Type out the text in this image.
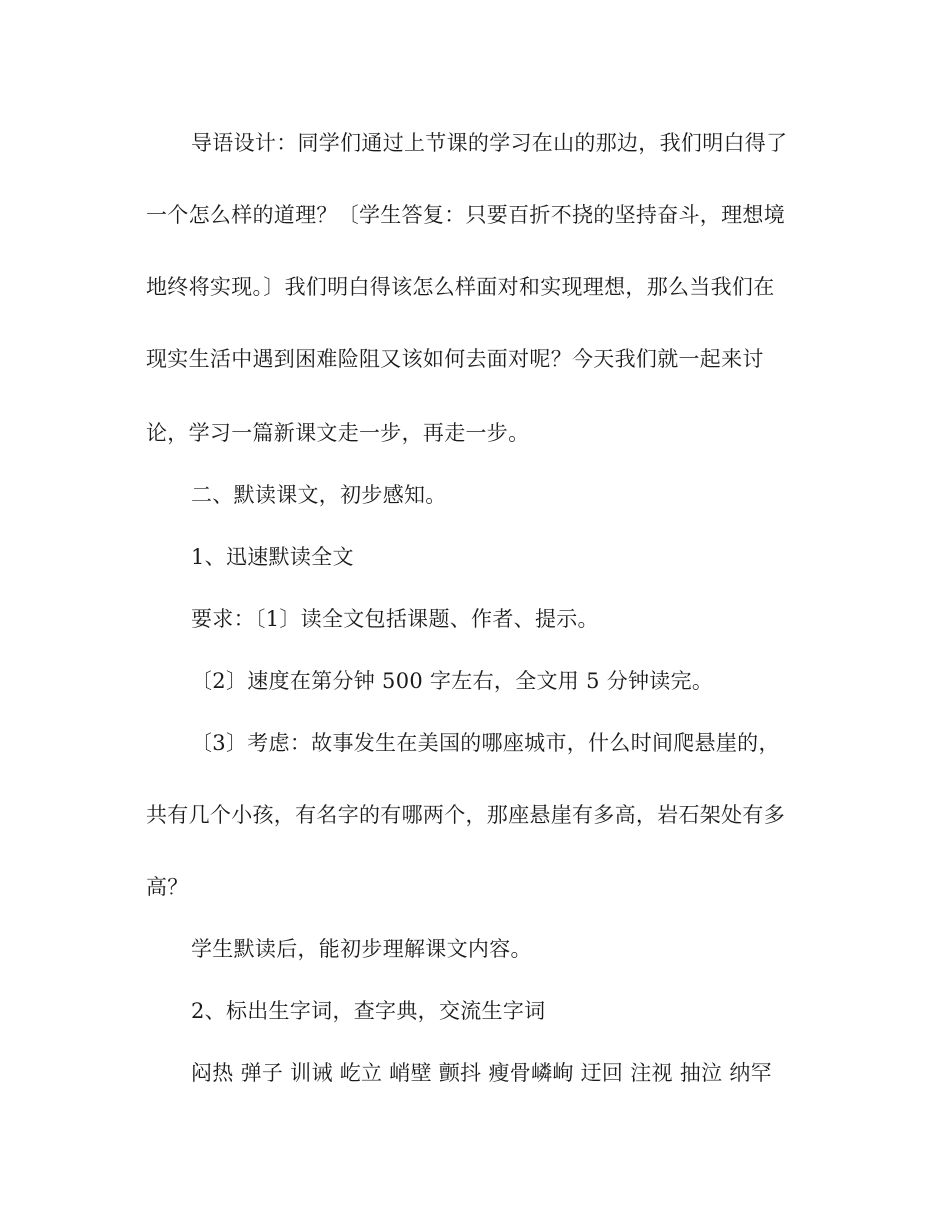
导语设计：同学们通过上节课的学习在山的那边，我们明白得了
一个怎么样的道理？〔学生答复：只要百折不挠的坚持奋斗，理想境
地终将实现。〕我们明白得该怎么样面对和实现理想，那么当我们在
现实生活中遇到困难险阻又该如何去面对呢？今天我们就一起来讨
论，学习一篇新课文走一步，再走一步。
二、默读课文，初步感知。
1、迅速默读全文
要求：〔1〕读全文包括课题、作者、提示。
〔2〕速度在第分钟 500 字左右，全文用 5 分钟读完。
〔3〕考虑：故事发生在美国的哪座城市，什么时间爬悬崖的，
共有几个小孩，有名字的有哪两个，那座悬崖有多高，岩石架处有多
高？
学生默读后，能初步理解课文内容。
2、标出生字词，查字典，交流生字词
闷热 弹子 训诫 屹立 峭壁 颤抖 瘦骨嶙峋 迂回 注视 抽泣 纳罕
